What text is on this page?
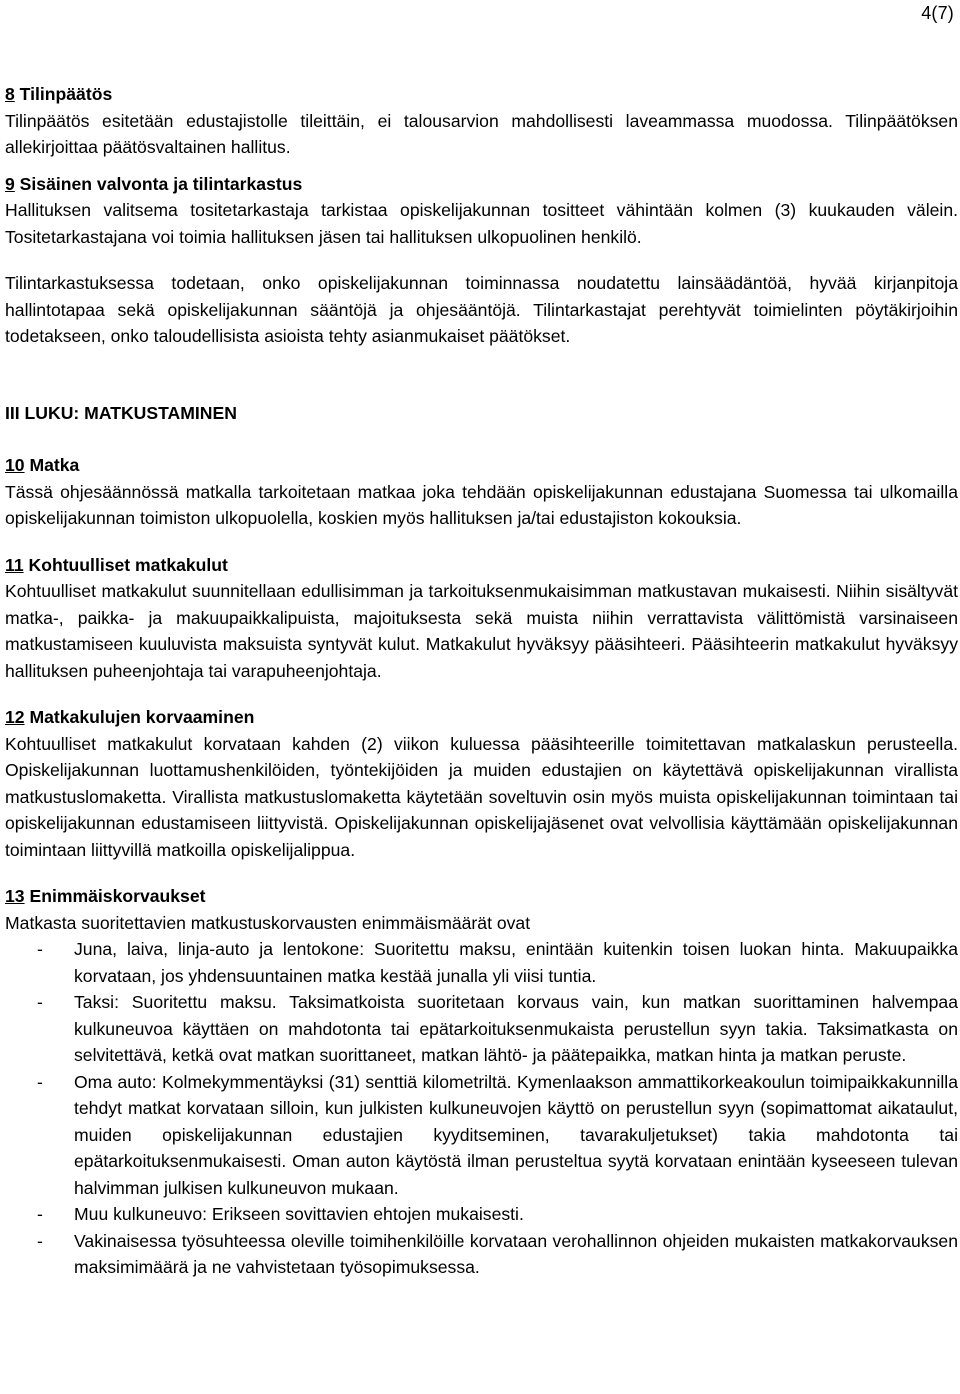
4(7)

8 Tilinpäätös

Tilinpäätös esitetään edustajistolle tileittäin, ei talousarvion mahdollisesti laveammassa muodossa. Tilinpäätöksen allekirjoittaa päätösvaltainen hallitus.

9 Sisäinen valvonta ja tilintarkastus

Hallituksen valitsema tositetarkastaja tarkistaa opiskelijakunnan tositteet vähintään kolmen (3) kuukauden välein. Tositetarkastajana voi toimia hallituksen jäsen tai hallituksen ulkopuolinen henkilö.

Tilintarkastuksessa todetaan, onko opiskelijakunnan toiminnassa noudatettu lainsäädäntöä, hyvää kirjanpitoja hallintotapaa sekä opiskelijakunnan sääntöjä ja ohjesääntöjä. Tilintarkastajat perehtyvät toimielinten pöytäkirjoihin todetakseen, onko taloudellisista asioista tehty asianmukaiset päätökset.

III LUKU: MATKUSTAMINEN

10 Matka

Tässä ohjesäännössä matkalla tarkoitetaan matkaa joka tehdään opiskelijakunnan edustajana Suomessa tai ulkomailla opiskelijakunnan toimiston ulkopuolella, koskien myös hallituksen ja/tai edustajiston kokouksia.

11 Kohtuulliset matkakulut

Kohtuulliset matkakulut suunnitellaan edullisimman ja tarkoituksenmukaisimman matkustavan mukaisesti. Niihin sisältyvät matka-, paikka- ja makuupaikkalipuista, majoituksesta sekä muista niihin verrattavista välittömistä varsinaiseen matkustamiseen kuuluvista maksuista syntyvät kulut. Matkakulut hyväksyy pääsihteeri. Pääsihteerin matkakulut hyväksyy hallituksen puheenjohtaja tai varapuheenjohtaja.

12 Matkakulujen korvaaminen

Kohtuulliset matkakulut korvataan kahden (2) viikon kuluessa pääsihteerille toimitettavan matkalaskun perusteella. Opiskelijakunnan luottamushenkilöiden, työntekijöiden ja muiden edustajien on käytettävä opiskelijakunnan virallista matkustuslomaketta. Virallista matkustuslomaketta käytetään soveltuvin osin myös muista opiskelijakunnan toimintaan tai opiskelijakunnan edustamiseen liittyvistä. Opiskelijakunnan opiskelijajäsenet ovat velvollisia käyttämään opiskelijakunnan toimintaan liittyvillä matkoilla opiskelijalippua.

13 Enimmäiskorvaukset

Matkasta suoritettavien matkustuskorvausten enimmäismäärät ovat

- Juna, laiva, linja-auto ja lentokone: Suoritettu maksu, enintään kuitenkin toisen luokan hinta. Makuupaikka korvataan, jos yhdensuuntainen matka kestää junalla yli viisi tuntia.
- Taksi: Suoritettu maksu. Taksimatkoista suoritetaan korvaus vain, kun matkan suorittaminen halvempaa kulkuneuvoa käyttäen on mahdotonta tai epätarkoituksenmukaista perustellun syyn takia. Taksimatkasta on selvitettävä, ketkä ovat matkan suorittaneet, matkan lähtö- ja päätepaikka, matkan hinta ja matkan peruste.
- Oma auto: Kolmekymmentäyksi (31) senttiä kilometriltä. Kymenlaakson ammattikorkeakoulun toimipaikkakunnilla tehdyt matkat korvataan silloin, kun julkisten kulkuneuvojen käyttö on perustellun syyn (sopimattomat aikataulut, muiden opiskelijakunnan edustajien kyyditseminen, tavarakuljetukset) takia mahdotonta tai epätarkoituksenmukaisesti. Oman auton käytöstä ilman perusteltua syytä korvataan enintään kyseeseen tulevan halvimman julkisen kulkuneuvon mukaan.
- Muu kulkuneuvo: Erikseen sovittavien ehtojen mukaisesti.
- Vakinaisessa työsuhteessa oleville toimihenkilöille korvataan verohallinnon ohjeiden mukaisten matkakorvauksen maksimimäärä ja ne vahvistetaan työsopimuksessa.
